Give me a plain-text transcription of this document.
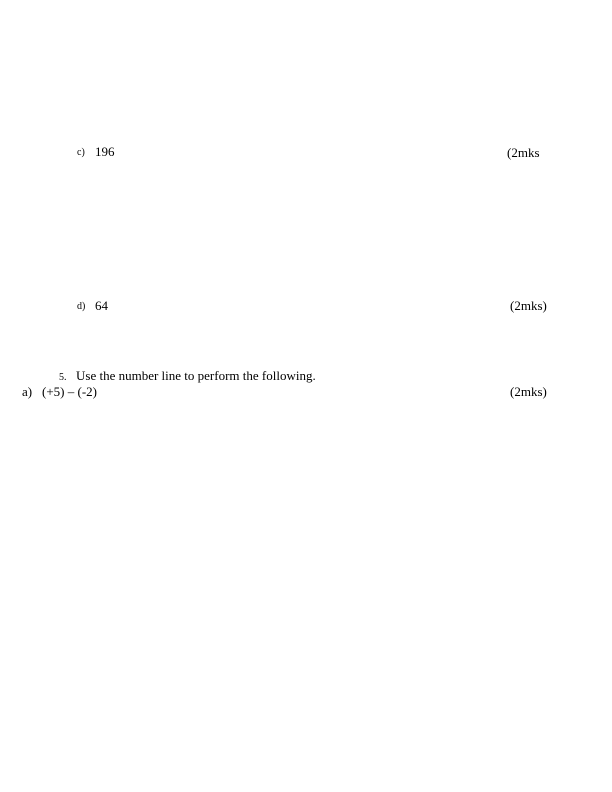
c) 196	(2mks
d) 64	(2mks)
5. Use the number line to perform the following.
a) (+5) – (-2)	(2mks)
